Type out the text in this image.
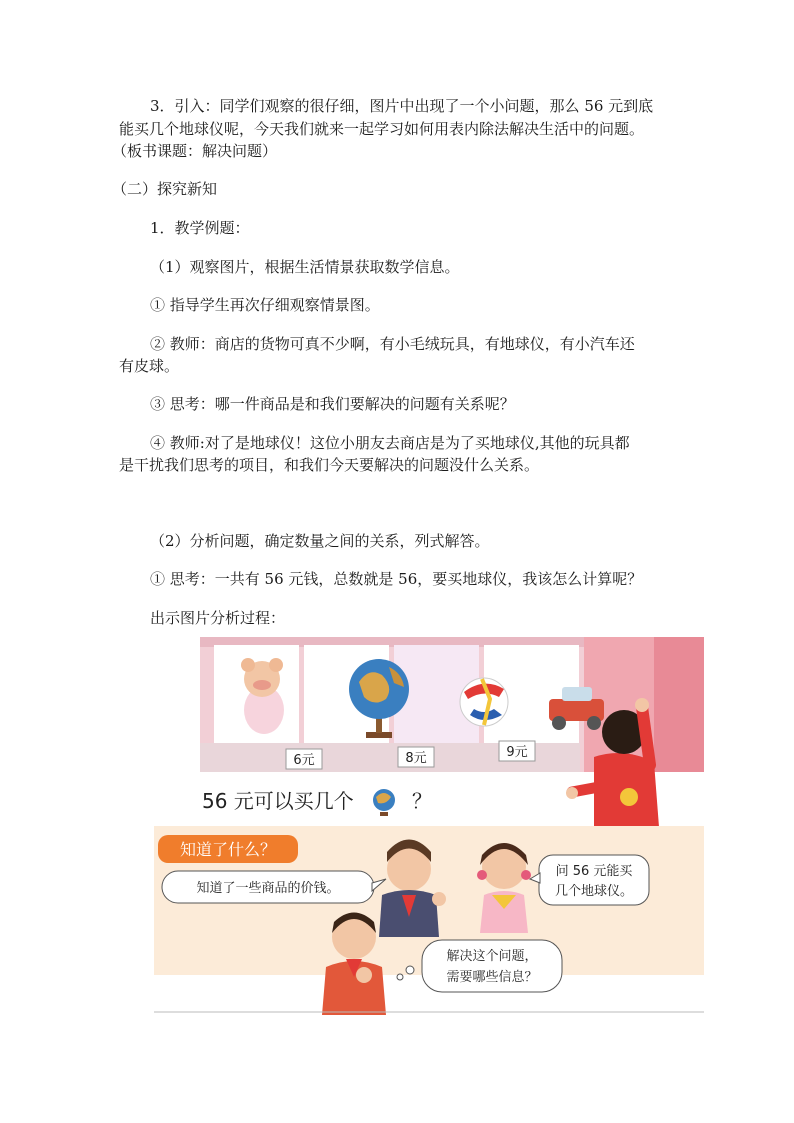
3．引入：同学们观察的很仔细，图片中出现了一个小问题，那么 56 元到底

能买几个地球仪呢，今天我们就来一起学习如何用表内除法解决生活中的问题。

（板书课题：解决问题）

（二）探究新知

1．教学例题：

（1）观察图片，根据生活情景获取数学信息。

① 指导学生再次仔细观察情景图。

② 教师：商店的货物可真不少啊，有小毛绒玩具，有地球仪，有小汽车还

有皮球。

③ 思考：哪一件商品是和我们要解决的问题有关系呢？

④ 教师:对了是地球仪！这位小朋友去商店是为了买地球仪,其他的玩具都

是干扰我们思考的项目，和我们今天要解决的问题没什么关系。

（2）分析问题，确定数量之间的关系，列式解答。

① 思考：一共有 56 元钱，总数就是 56，要买地球仪，我该怎么计算呢？

出示图片分析过程：

6元	8元	9元
56 元可以买几个	？
知道了什么？
知道了一些商品的价钱。
问 56 元能买
几个地球仪。
解决这个问题，
需要哪些信息？
